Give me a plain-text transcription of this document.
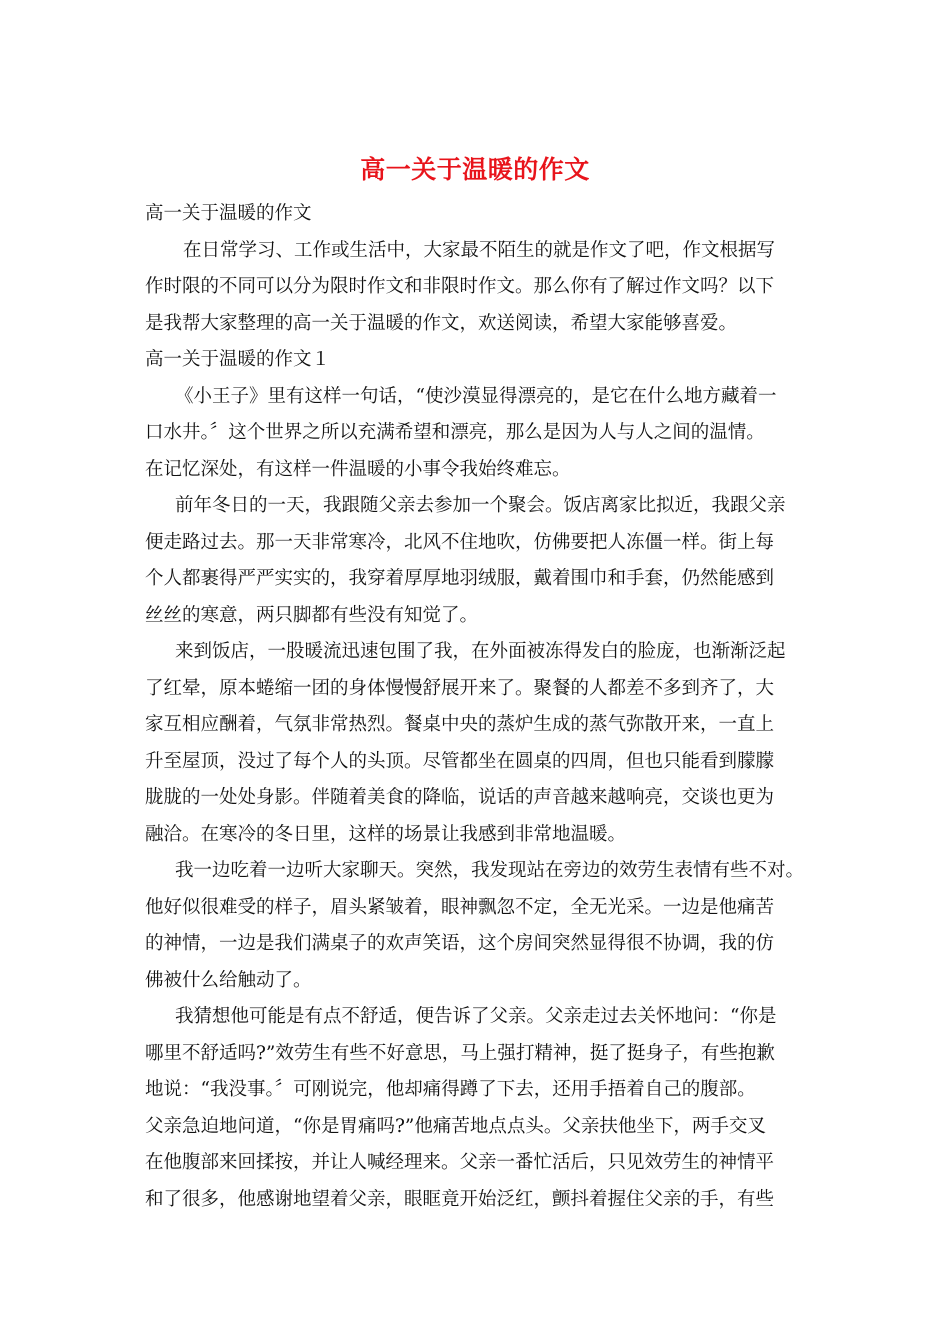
高一关于温暖的作文
高一关于温暖的作文
在日常学习、工作或生活中，大家最不陌生的就是作文了吧，作文根据写
作时限的不同可以分为限时作文和非限时作文。那么你有了解过作文吗？以下
是我帮大家整理的高一关于温暖的作文，欢送阅读，希望大家能够喜爱。
高一关于温暖的作文１
《小王子》里有这样一句话，“使沙漠显得漂亮的，是它在什么地方藏着一
口水井。〞这个世界之所以充满希望和漂亮，那么是因为人与人之间的温情。
在记忆深处，有这样一件温暖的小事令我始终难忘。
前年冬日的一天，我跟随父亲去参加一个聚会。饭店离家比拟近，我跟父亲
便走路过去。那一天非常寒冷，北风不住地吹，仿佛要把人冻僵一样。街上每
个人都裹得严严实实的，我穿着厚厚地羽绒服，戴着围巾和手套，仍然能感到
丝丝的寒意，两只脚都有些没有知觉了。
来到饭店，一股暖流迅速包围了我，在外面被冻得发白的脸庞，也渐渐泛起
了红晕，原本蜷缩一团的身体慢慢舒展开来了。聚餐的人都差不多到齐了，大
家互相应酬着，气氛非常热烈。餐桌中央的蒸炉生成的蒸气弥散开来，一直上
升至屋顶，没过了每个人的头顶。尽管都坐在圆桌的四周，但也只能看到朦朦
胧胧的一处处身影。伴随着美食的降临，说话的声音越来越响亮，交谈也更为
融洽。在寒冷的冬日里，这样的场景让我感到非常地温暖。
我一边吃着一边听大家聊天。突然，我发现站在旁边的效劳生表情有些不对。
他好似很难受的样子，眉头紧皱着，眼神飘忽不定，全无光采。一边是他痛苦
的神情，一边是我们满桌子的欢声笑语，这个房间突然显得很不协调，我的仿
佛被什么给触动了。
我猜想他可能是有点不舒适，便告诉了父亲。父亲走过去关怀地问：“你是
哪里不舒适吗?”效劳生有些不好意思，马上强打精神，挺了挺身子，有些抱歉
地说：“我没事。〞可刚说完，他却痛得蹲了下去，还用手捂着自己的腹部。
父亲急迫地问道，“你是胃痛吗?”他痛苦地点点头。父亲扶他坐下，两手交叉
在他腹部来回揉按，并让人喊经理来。父亲一番忙活后，只见效劳生的神情平
和了很多，他感谢地望着父亲，眼眶竟开始泛红，颤抖着握住父亲的手，有些
